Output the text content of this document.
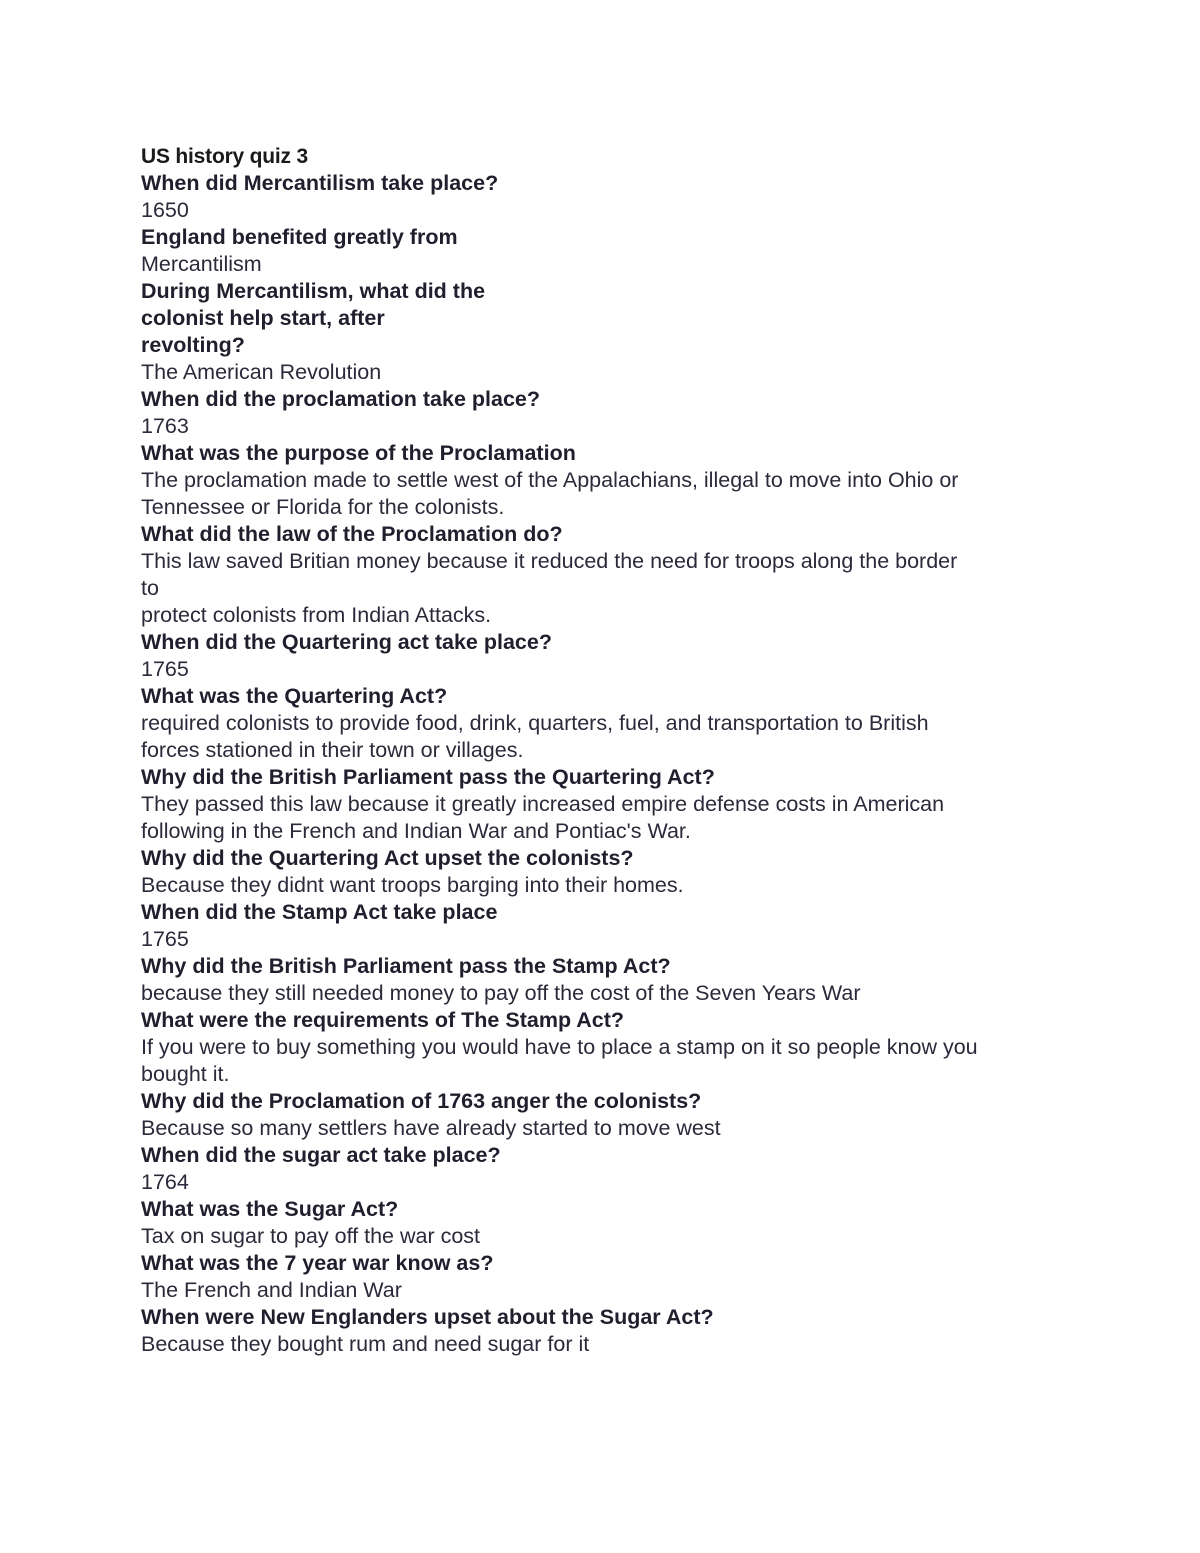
US history quiz 3

When did Mercantilism take place?

1650

England benefited greatly from

Mercantilism

During Mercantilism, what did the
colonist help start, after
revolting?

The American Revolution

When did the proclamation take place?

1763

What was the purpose of the Proclamation

The proclamation made to settle west of the Appalachians, illegal to move into Ohio or
Tennessee or Florida for the colonists.

What did the law of the Proclamation do?

This law saved Britian money because it reduced the need for troops along the border
to
protect colonists from Indian Attacks.

When did the Quartering act take place?

1765

What was the Quartering Act?

required colonists to provide food, drink, quarters, fuel, and transportation to British
forces stationed in their town or villages.

Why did the British Parliament pass the Quartering Act?

They passed this law because it greatly increased empire defense costs in American
following in the French and Indian War and Pontiac's War.

Why did the Quartering Act upset the colonists?

Because they didnt want troops barging into their homes.

When did the Stamp Act take place

1765

Why did the British Parliament pass the Stamp Act?

because they still needed money to pay off the cost of the Seven Years War

What were the requirements of The Stamp Act?

If you were to buy something you would have to place a stamp on it so people know you
bought it.

Why did the Proclamation of 1763 anger the colonists?

Because so many settlers have already started to move west

When did the sugar act take place?

1764

What was the Sugar Act?

Tax on sugar to pay off the war cost

What was the 7 year war know as?

The French and Indian War

When were New Englanders upset about the Sugar Act?

Because they bought rum and need sugar for it
